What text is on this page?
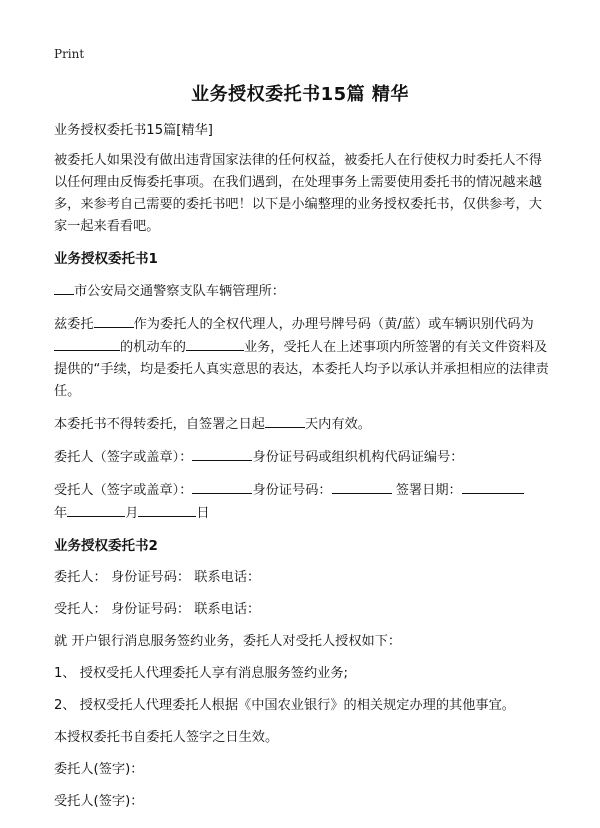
Print
业务授权委托书15篇 精华

业务授权委托书15篇[精华]

被委托人如果没有做出违背国家法律的任何权益，被委托人在行使权力时委托人不得以任何理由反悔委托事项。在我们遇到，在处理事务上需要使用委托书的情况越来越多，来参考自己需要的委托书吧！以下是小编整理的业务授权委托书，仅供参考，大家一起来看看吧。

业务授权委托书1

市公安局交通警察支队车辆管理所：

兹委托	作为委托人的全权代理人，办理号牌号码（黄/蓝）或车辆识别代码为的机动车的	业务，受托人在上述事项内所签署的有关文件资料及提供的“手续，均是委托人真实意思的表达，本委托人均予以承认并承担相应的法律责任。

本委托书不得转委托，自签署之日起	天内有效。

委托人（签字或盖章）：	身份证号码或组织机构代码证编号：

受托人（签字或盖章）：	身份证号码：	签署日期：
年	月	日

业务授权委托书2

委托人： 身份证号码： 联系电话：

受托人： 身份证号码： 联系电话：

就 开户银行消息服务签约业务，委托人对受托人授权如下：

1、 授权受托人代理委托人享有消息服务签约业务;

2、 授权受托人代理委托人根据《中国农业银行》的相关规定办理的其他事宜。

本授权委托书自委托人签字之日生效。

委托人(签字)：

受托人(签字)：
